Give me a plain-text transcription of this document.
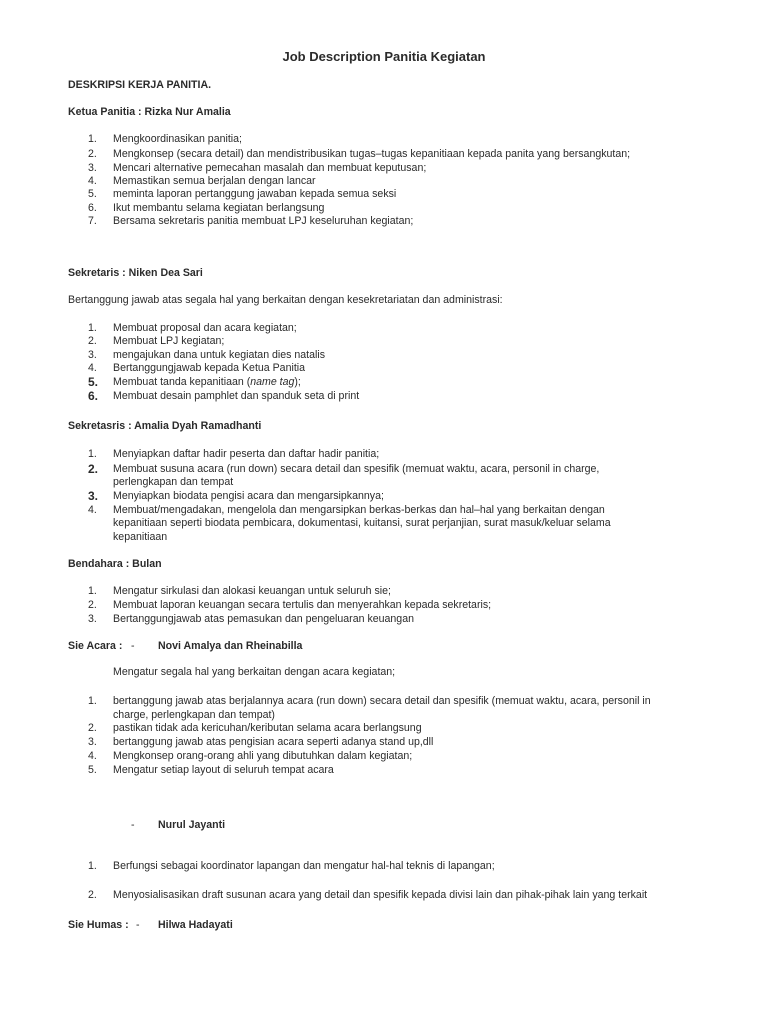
Job Description Panitia Kegiatan
DESKRIPSI KERJA PANITIA.
Ketua Panitia : Rizka Nur Amalia
1. Mengkoordinasikan panitia;
2. Mengkonsep (secara detail) dan mendistribusikan tugas–tugas kepanitiaan kepada panita yang bersangkutan;
3. Mencari alternative pemecahan masalah dan membuat keputusan;
4. Memastikan semua berjalan dengan lancar
5. meminta laporan pertanggung jawaban kepada semua seksi
6. Ikut membantu selama kegiatan berlangsung
7. Bersama sekretaris panitia membuat LPJ keseluruhan kegiatan;
Sekretaris : Niken Dea Sari
Bertanggung jawab atas segala hal yang berkaitan dengan kesekretariatan dan administrasi:
1. Membuat proposal dan acara kegiatan;
2. Membuat LPJ kegiatan;
3. mengajukan dana untuk kegiatan dies natalis
4. Bertanggungjawab kepada Ketua Panitia
5. Membuat tanda kepanitiaan (name tag);
6. Membuat desain pamphlet dan spanduk seta di print
Sekretasris : Amalia Dyah Ramadhanti
1. Menyiapkan daftar hadir peserta dan daftar hadir panitia;
2. Membuat susuna acara (run down) secara detail dan spesifik (memuat waktu, acara, personil in charge,
perlengkapan dan tempat
3. Menyiapkan biodata pengisi acara dan mengarsipkannya;
4. Membuat/mengadakan, mengelola dan mengarsipkan berkas-berkas dan hal–hal yang berkaitan dengan
kepanitiaan seperti biodata pembicara, dokumentasi, kuitansi, surat perjanjian, surat masuk/keluar selama
kepanitiaan
Bendahara : Bulan
1. Mengatur sirkulasi dan alokasi keuangan untuk seluruh sie;
2. Membuat laporan keuangan secara tertulis dan menyerahkan kepada sekretaris;
3. Bertanggungjawab atas pemasukan dan pengeluaran keuangan
Sie Acara : - Novi Amalya dan Rheinabilla
Mengatur segala hal yang berkaitan dengan acara kegiatan;
1. bertanggung jawab atas berjalannya acara (run down) secara detail dan spesifik (memuat waktu, acara, personil in
charge, perlengkapan dan tempat)
2. pastikan tidak ada kericuhan/keributan selama acara berlangsung
3. bertanggung jawab atas pengisian acara seperti adanya stand up,dll
4. Mengkonsep orang-orang ahli yang dibutuhkan dalam kegiatan;
5. Mengatur setiap layout di seluruh tempat acara
- Nurul Jayanti
1. Berfungsi sebagai koordinator lapangan dan mengatur hal-hal teknis di lapangan;
2. Menyosialisasikan draft susunan acara yang detail dan spesifik kepada divisi lain dan pihak-pihak lain yang terkait
Sie Humas : - Hilwa Hadayati
